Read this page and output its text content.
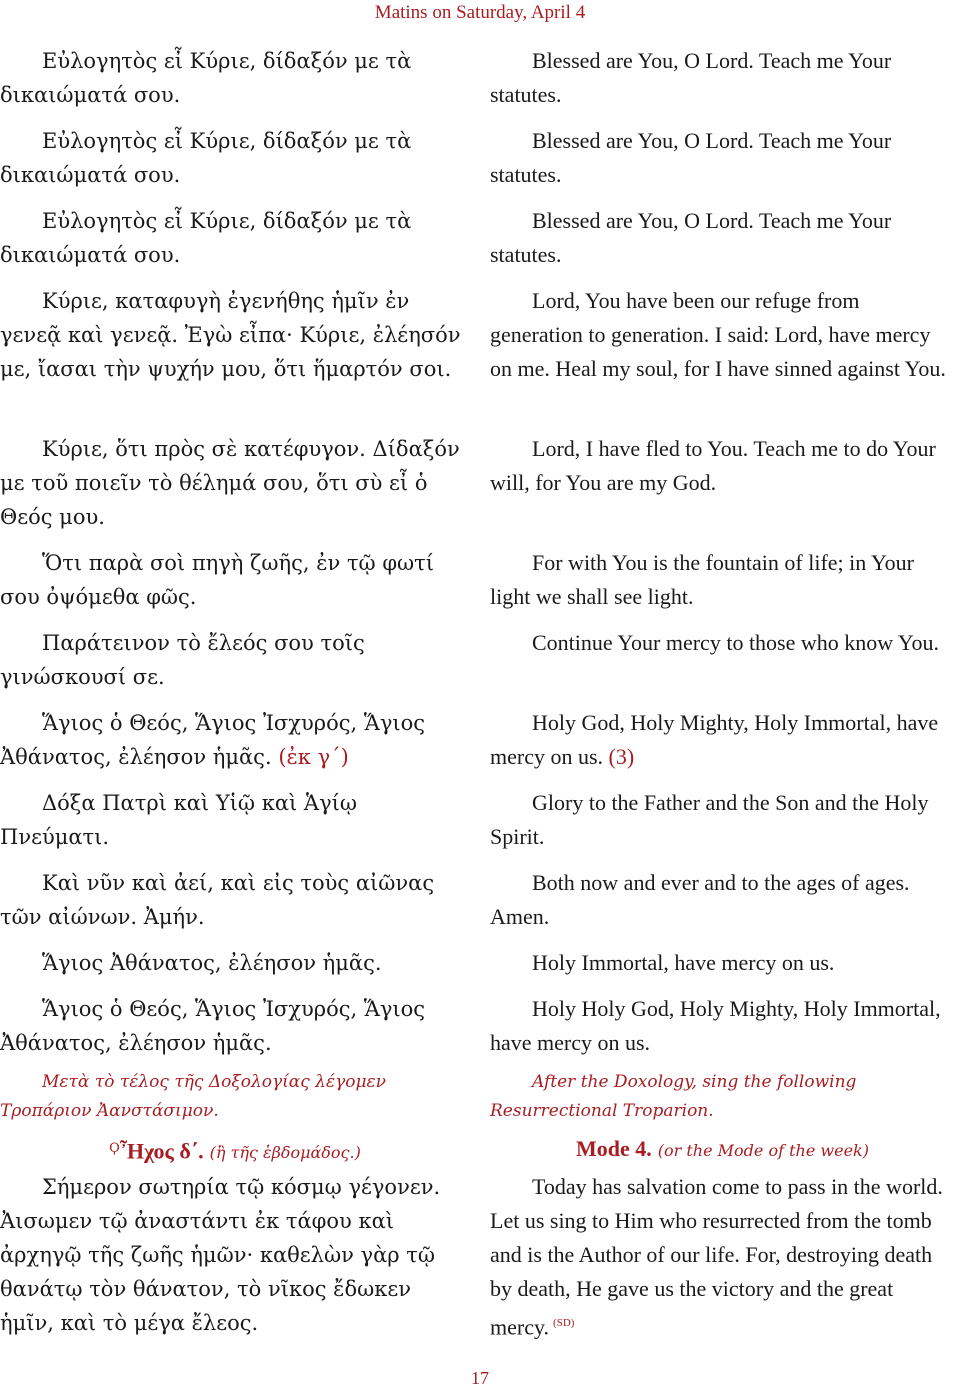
Matins on Saturday, April 4

Εὐλογητὸς εἶ Κύριε, δίδαξόν με τὰ δικαιώματά σου.

Εὐλογητὸς εἶ Κύριε, δίδαξόν με τὰ δικαιώματά σου.

Εὐλογητὸς εἶ Κύριε, δίδαξόν με τὰ δικαιώματά σου.

Κύριε, καταφυγὴ ἐγενήθης ἡμῖν ἐν γενεᾷ καὶ γενεᾷ. Ἐγὼ εἶπα· Κύριε, ἐλέησόν με, ἴασαι τὴν ψυχήν μου, ὅτι ἥμαρτόν σοι.

Κύριε, ὅτι πρὸς σὲ κατέφυγον. Δίδαξόν με τοῦ ποιεῖν τὸ θέλημά σου, ὅτι σὺ εἶ ὁ Θεός μου.

Ὅτι παρὰ σοὶ πηγὴ ζωῆς, ἐν τῷ φωτί σου ὀψόμεθα φῶς.

Παράτεινον τὸ ἔλεός σου τοῖς γινώσκουσί σε.

Ἅγιος ὁ Θεός, Ἅγιος Ἰσχυρός, Ἅγιος Ἀθάνατος, ἐλέησον ἡμᾶς. (ἐκ γ΄)

Δόξα Πατρὶ καὶ Υἱῷ καὶ Ἁγίῳ Πνεύματι.

Καὶ νῦν καὶ ἀεί, καὶ εἰς τοὺς αἰῶνας τῶν αἰώνων. Ἀμήν.

Ἅγιος Ἀθάνατος, ἐλέησον ἡμᾶς.

Ἅγιος ὁ Θεός, Ἅγιος Ἰσχυρός, Ἅγιος Ἀθάνατος, ἐλέησον ἡμᾶς.

Μετὰ τὸ τέλος τῆς Δοξολογίας λέγομεν Τροπάριον Ἀανστάσιμον.

$^Ϙ$Ἦχος δ΄. (ἢ τῆς ἑβδομάδος.)

Σήμερον σωτηρία τῷ κόσμῳ γέγονεν. Ἀισωμεν τῷ ἀναστάντι ἐκ τάφου καὶ ἀρχηγῷ τῆς ζωῆς ἡμῶν· καθελὼν γὰρ τῷ θανάτῳ τὸν θάνατον, τὸ νῖκος ἔδωκεν ἡμῖν, καὶ τὸ μέγα ἔλεος.

Blessed are You, O Lord. Teach me Your statutes.

Blessed are You, O Lord. Teach me Your statutes.

Blessed are You, O Lord. Teach me Your statutes.

Lord, You have been our refuge from generation to generation. I said: Lord, have mercy on me. Heal my soul, for I have sinned against You.

Lord, I have fled to You. Teach me to do Your will, for You are my God.

For with You is the fountain of life; in Your light we shall see light.

Continue Your mercy to those who know You.

Holy God, Holy Mighty, Holy Immortal, have mercy on us. (3)

Glory to the Father and the Son and the Holy Spirit.

Both now and ever and to the ages of ages. Amen.

Holy Immortal, have mercy on us.

Holy Holy God, Holy Mighty, Holy Immortal, have mercy on us.

After the Doxology, sing the following Resurrectional Troparion.

Mode 4. (or the Mode of the week)

Today has salvation come to pass in the world. Let us sing to Him who resurrected from the tomb and is the Author of our life. For, destroying death by death, He gave us the victory and the great mercy. $^{(SD)}$

17
